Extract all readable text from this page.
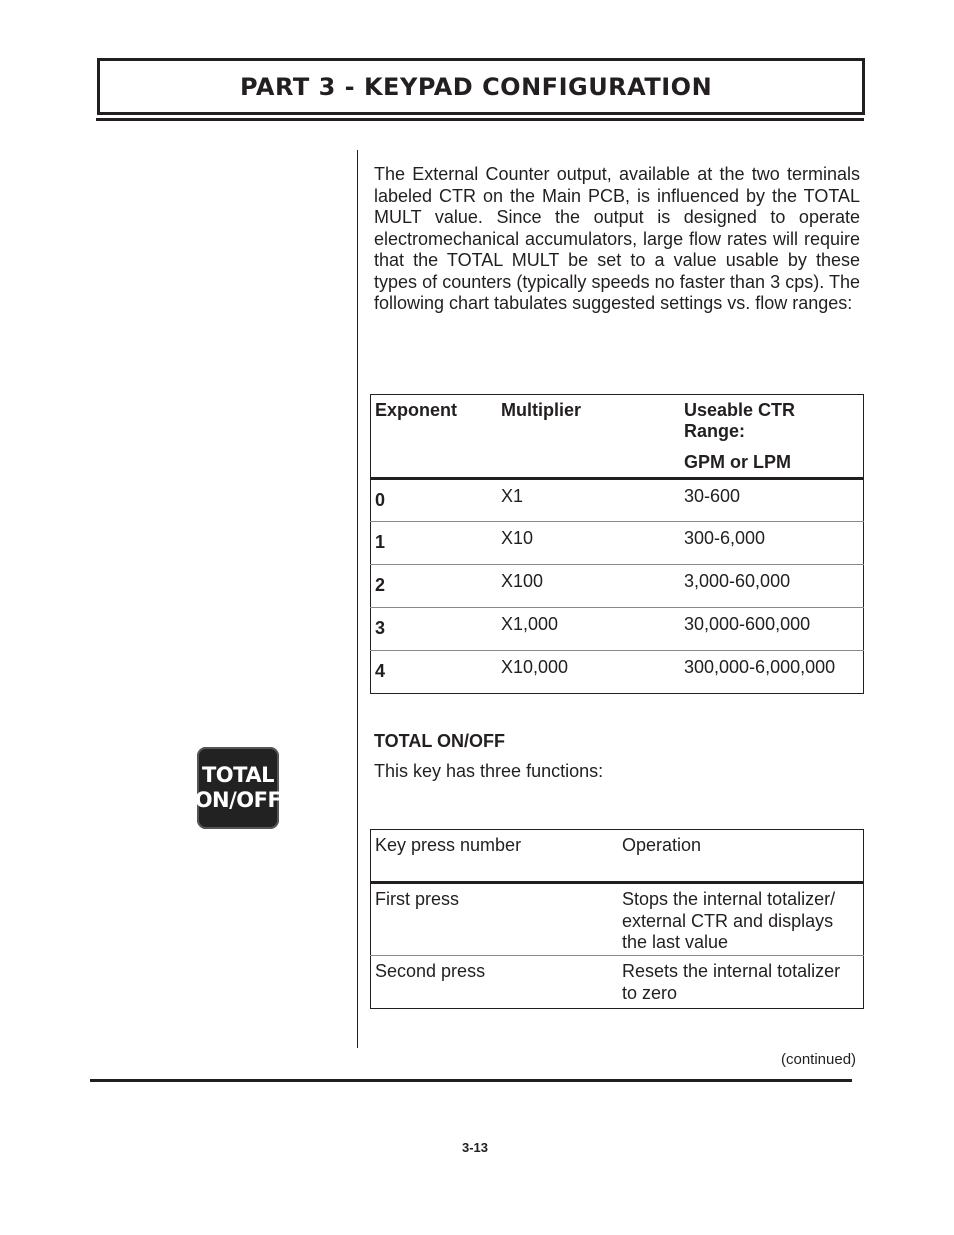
PART 3 - KEYPAD CONFIGURATION

The External Counter output, available at the two terminals labeled CTR on the Main PCB, is influenced by the TOTAL MULT value. Since the output is designed to operate electromechanical accumulators, large flow rates will require that the TOTAL MULT be set to a value usable by these types of counters (typically speeds no faster than 3 cps). The following chart tabulates suggested settings vs. flow ranges:

Exponent	Multiplier	Useable CTR Range:
GPM or LPM

0	X1	30-600
1	X10	300-6,000
2	X100	3,000-60,000
3	X1,000	30,000-600,000
4	X10,000	300,000-6,000,000
TOTAL
ON/OFF

TOTAL ON/OFF

This key has three functions:

Key press number	Operation
First press	Stops the internal totalizer/ external CTR and displays the last value
Second press	Resets the internal totalizer to zero

(continued)

3-13
